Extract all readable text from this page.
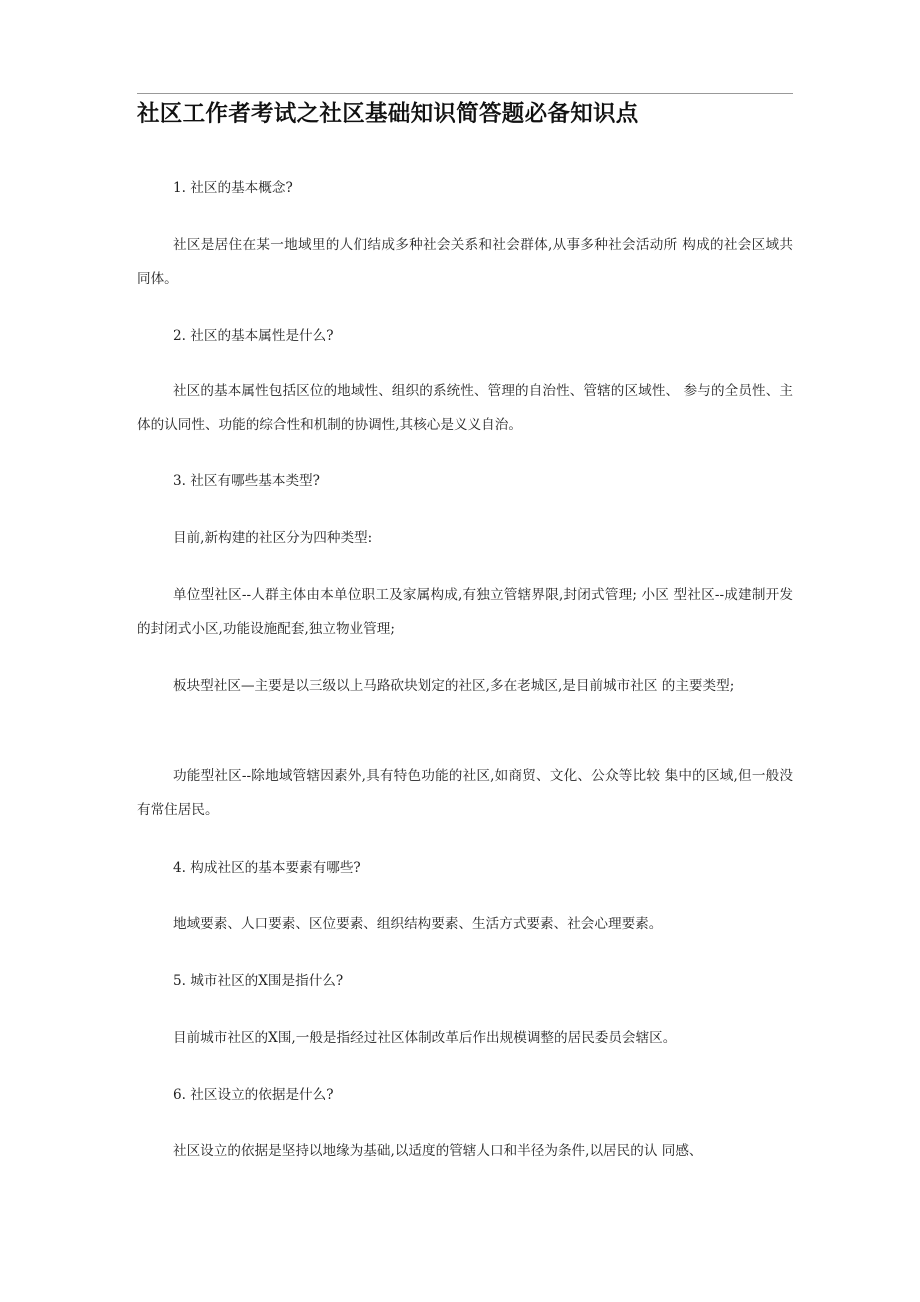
社区工作者考试之社区基础知识简答题必备知识点

1. 社区的基本概念?

社区是居住在某一地域里的人们结成多种社会关系和社会群体,从事多种社会活动所 构成的社会区域共同体。

2. 社区的基本属性是什么?

社区的基本属性包括区位的地域性、组织的系统性、管理的自治性、管辖的区域性、 参与的全员性、主体的认同性、功能的综合性和机制的协调性,其核心是义义自治。

3. 社区有哪些基本类型?

目前,新构建的社区分为四种类型:

单位型社区--人群主体由本单位职工及家属构成,有独立管辖界限,封闭式管理; 小区 型社区--成建制开发的封闭式小区,功能设施配套,独立物业管理;

板块型社区—主要是以三级以上马路砍块划定的社区,多在老城区,是目前城市社区 的主要类型;

功能型社区--除地域管辖因素外,具有特色功能的社区,如商贸、文化、公众等比较 集中的区域,但一般没有常住居民。

4. 构成社区的基本要素有哪些?

地域要素、人口要素、区位要素、组织结构要素、生活方式要素、社会心理要素。

5. 城市社区的X围是指什么?

目前城市社区的X围,一般是指经过社区体制改革后作出规模调整的居民委员会辖区。

6. 社区设立的依据是什么?

社区设立的依据是坚持以地缘为基础,以适度的管辖人口和半径为条件,以居民的认 同感、
